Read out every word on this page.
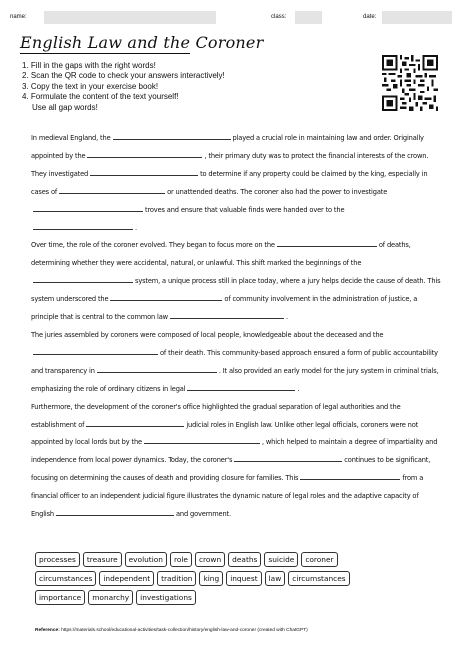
name:	class:	date:
English Law and the Coroner
1. Fill in the gaps with the right words!
2. Scan the QR code to check your answers interactively!
3. Copy the text in your exercise book!
4. Formulate the content of the text yourself!
Use all gap words!

In medieval England, the	played a crucial role in maintaining law and order. Originally appointed by the	, their primary duty was to protect the financial interests of the crown. They investigated	to determine if any property could be claimed by the king, especially in cases of	or unattended deaths. The coroner also had the power to investigatetroves and ensure that valuable finds were handed over to the.

Over time, the role of the coroner evolved. They began to focus more on the	of deaths, determining whether they were accidental, natural, or unlawful. This shift marked the beginnings of thesystem, a unique process still in place today, where a jury helps decide the cause of death. This system underscored the	of community involvement in the administration of justice, a principle that is central to the common law	.

The juries assembled by coroners were composed of local people, knowledgeable about the deceased and theof their death. This community-based approach ensured a form of public accountability and transparency in	. It also provided an early model for the jury system in criminal trials, emphasizing the role of ordinary citizens in legal	.

Furthermore, the development of the coroner's office highlighted the gradual separation of legal authorities and the establishment of	judicial roles in English law. Unlike other legal officials, coroners were not appointed by local lords but by the	, which helped to maintain a degree of impartiality and independence from local power dynamics. Today, the coroner's	continues to be significant, focusing on determining the causes of death and providing closure for families. This	from a financial officer to an independent judicial figure illustrates the dynamic nature of legal roles and the adaptive capacity of English	and government.

processes	treasure	evolution	role	crown	deaths	suicide	coroner
circumstances	independent	tradition	king	inquest	law	circumstances
importance	monarchy	investigations
Reference: https://materials.school/educational-activities/task-collection/history/english-law-and-coroner (created with ChatGPT)
